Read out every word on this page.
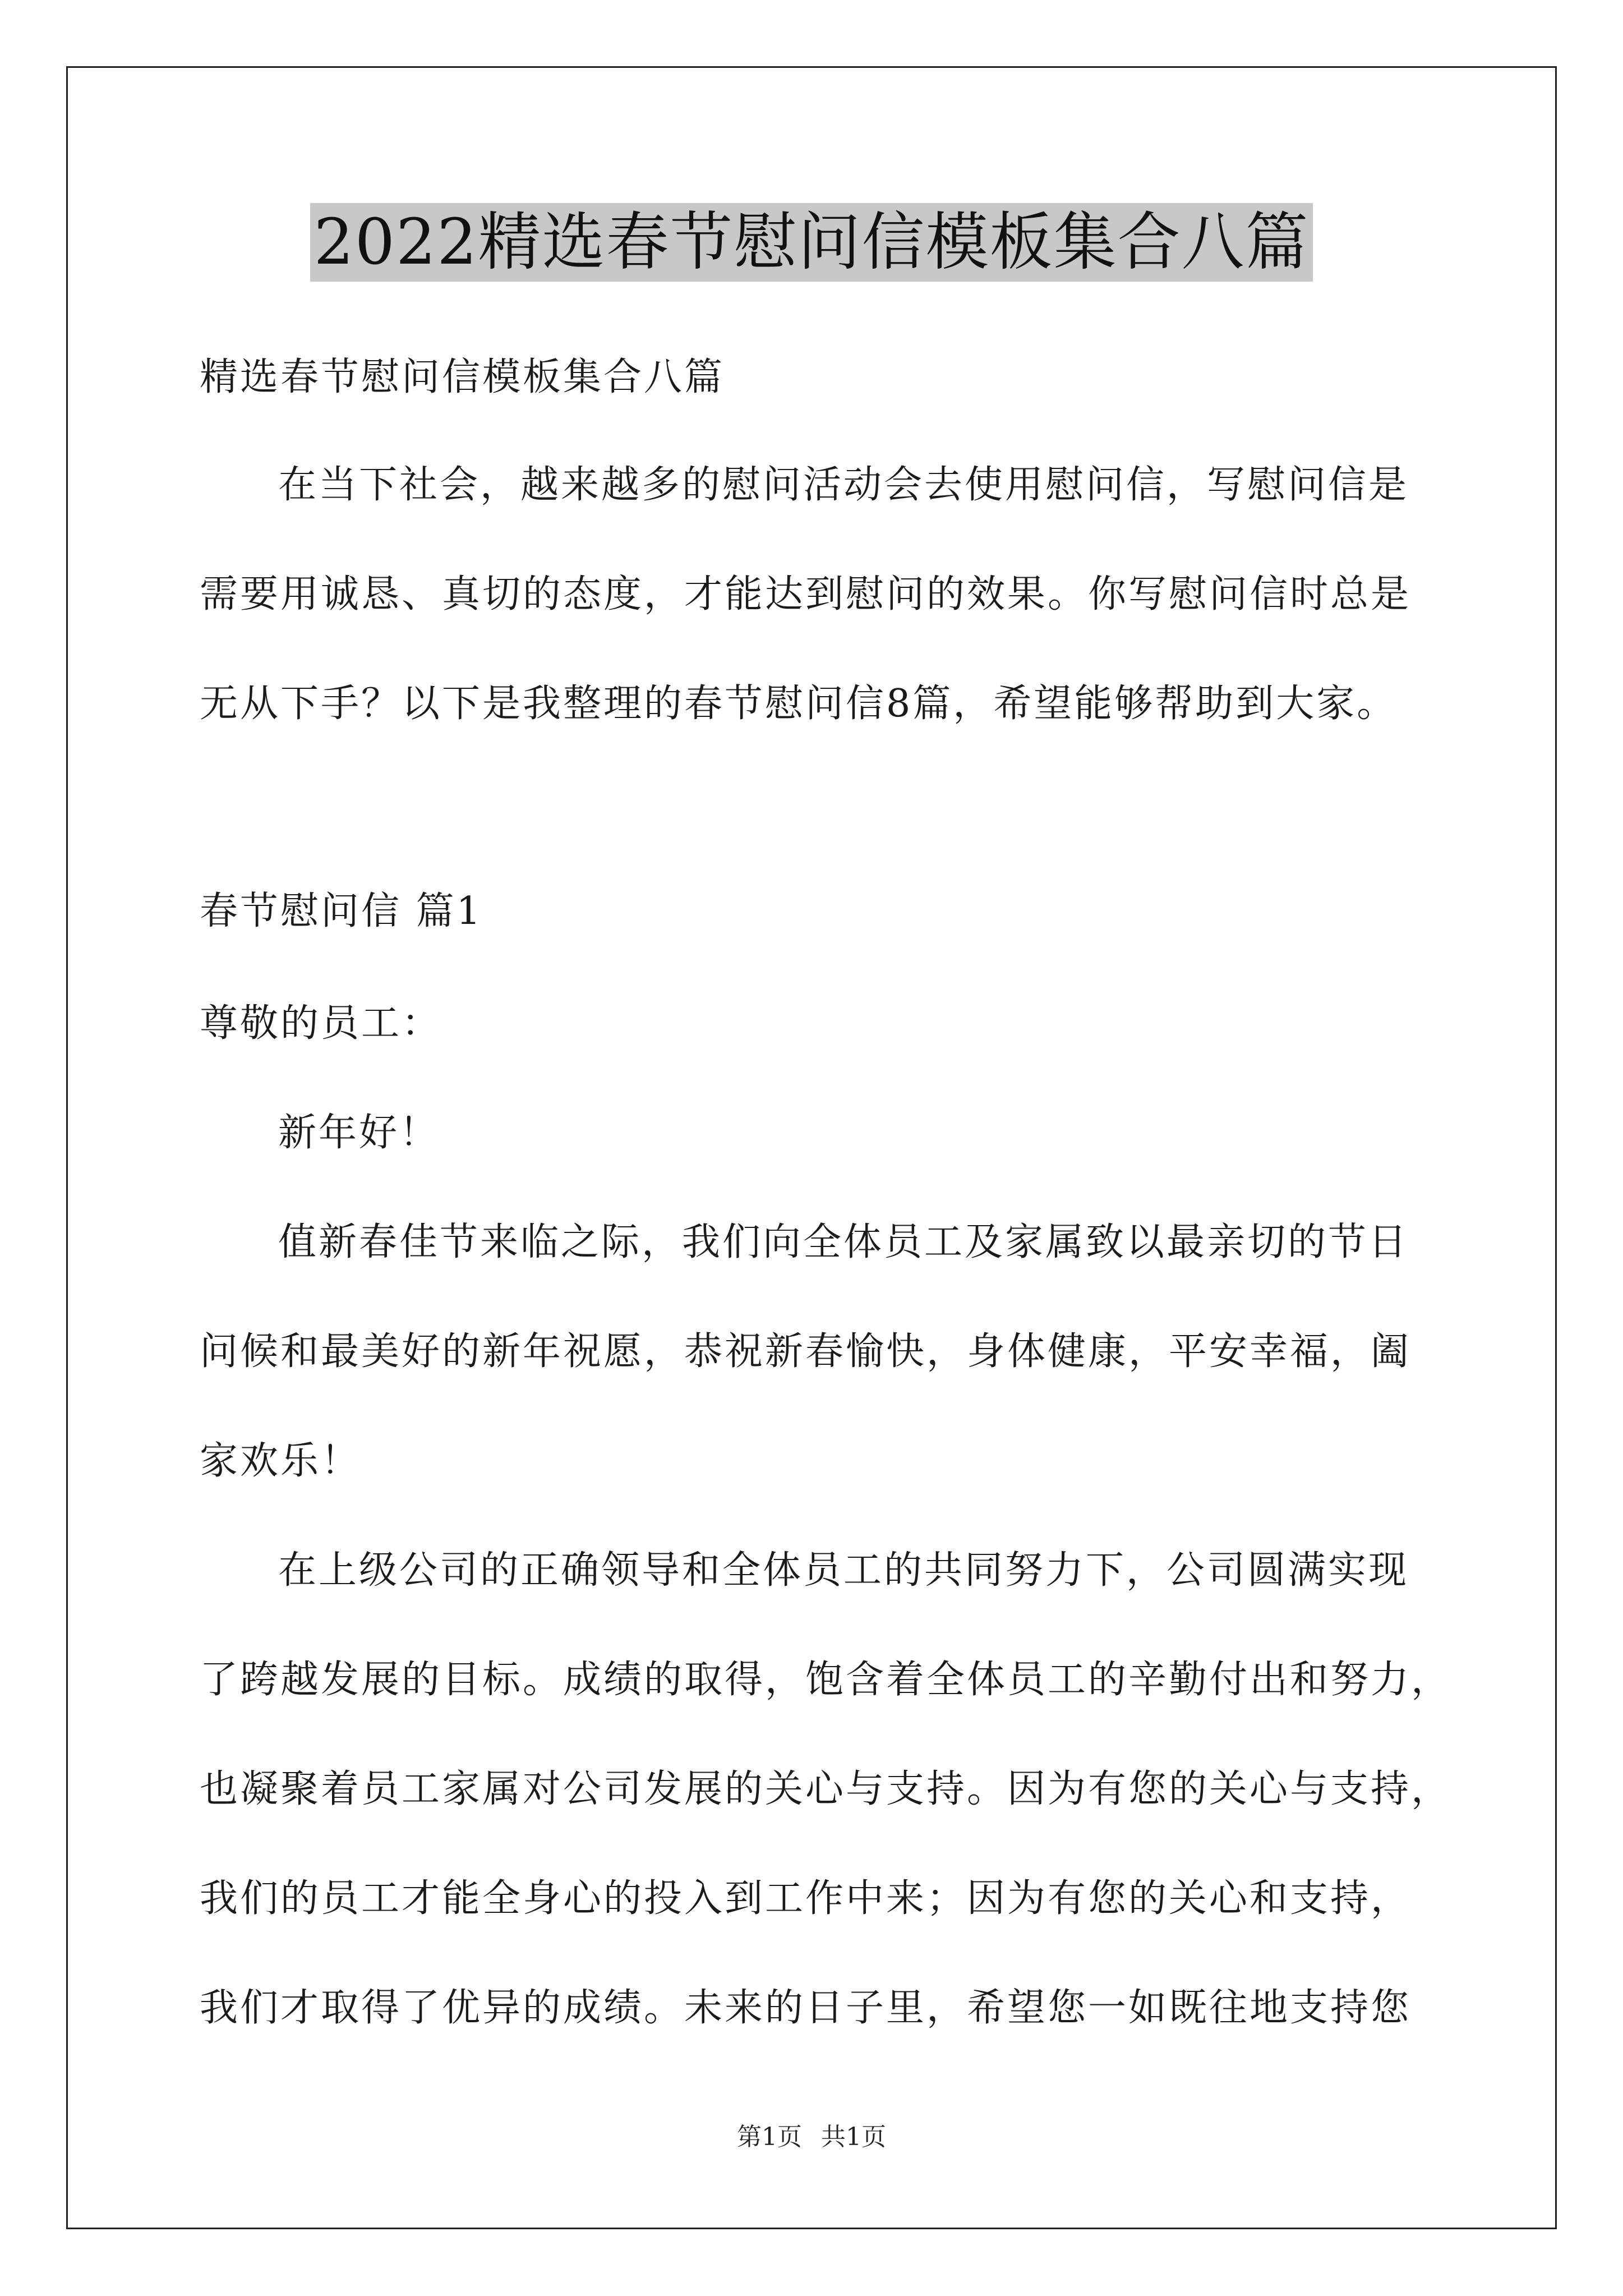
2022精选春节慰问信模板集合八篇
精选春节慰问信模板集合八篇
在当下社会，越来越多的慰问活动会去使用慰问信，写慰问信是
需要用诚恳、真切的态度，才能达到慰问的效果。你写慰问信时总是
无从下手？以下是我整理的春节慰问信8篇，希望能够帮助到大家。
春节慰问信 篇1
尊敬的员工：
新年好！
值新春佳节来临之际，我们向全体员工及家属致以最亲切的节日
问候和最美好的新年祝愿，恭祝新春愉快，身体健康，平安幸福，阖
家欢乐！
在上级公司的正确领导和全体员工的共同努力下，公司圆满实现
了跨越发展的目标。成绩的取得，饱含着全体员工的辛勤付出和努力，
也凝聚着员工家属对公司发展的关心与支持。因为有您的关心与支持，
我们的员工才能全身心的投入到工作中来；因为有您的关心和支持，
我们才取得了优异的成绩。未来的日子里，希望您一如既往地支持您
第1页 共1页
